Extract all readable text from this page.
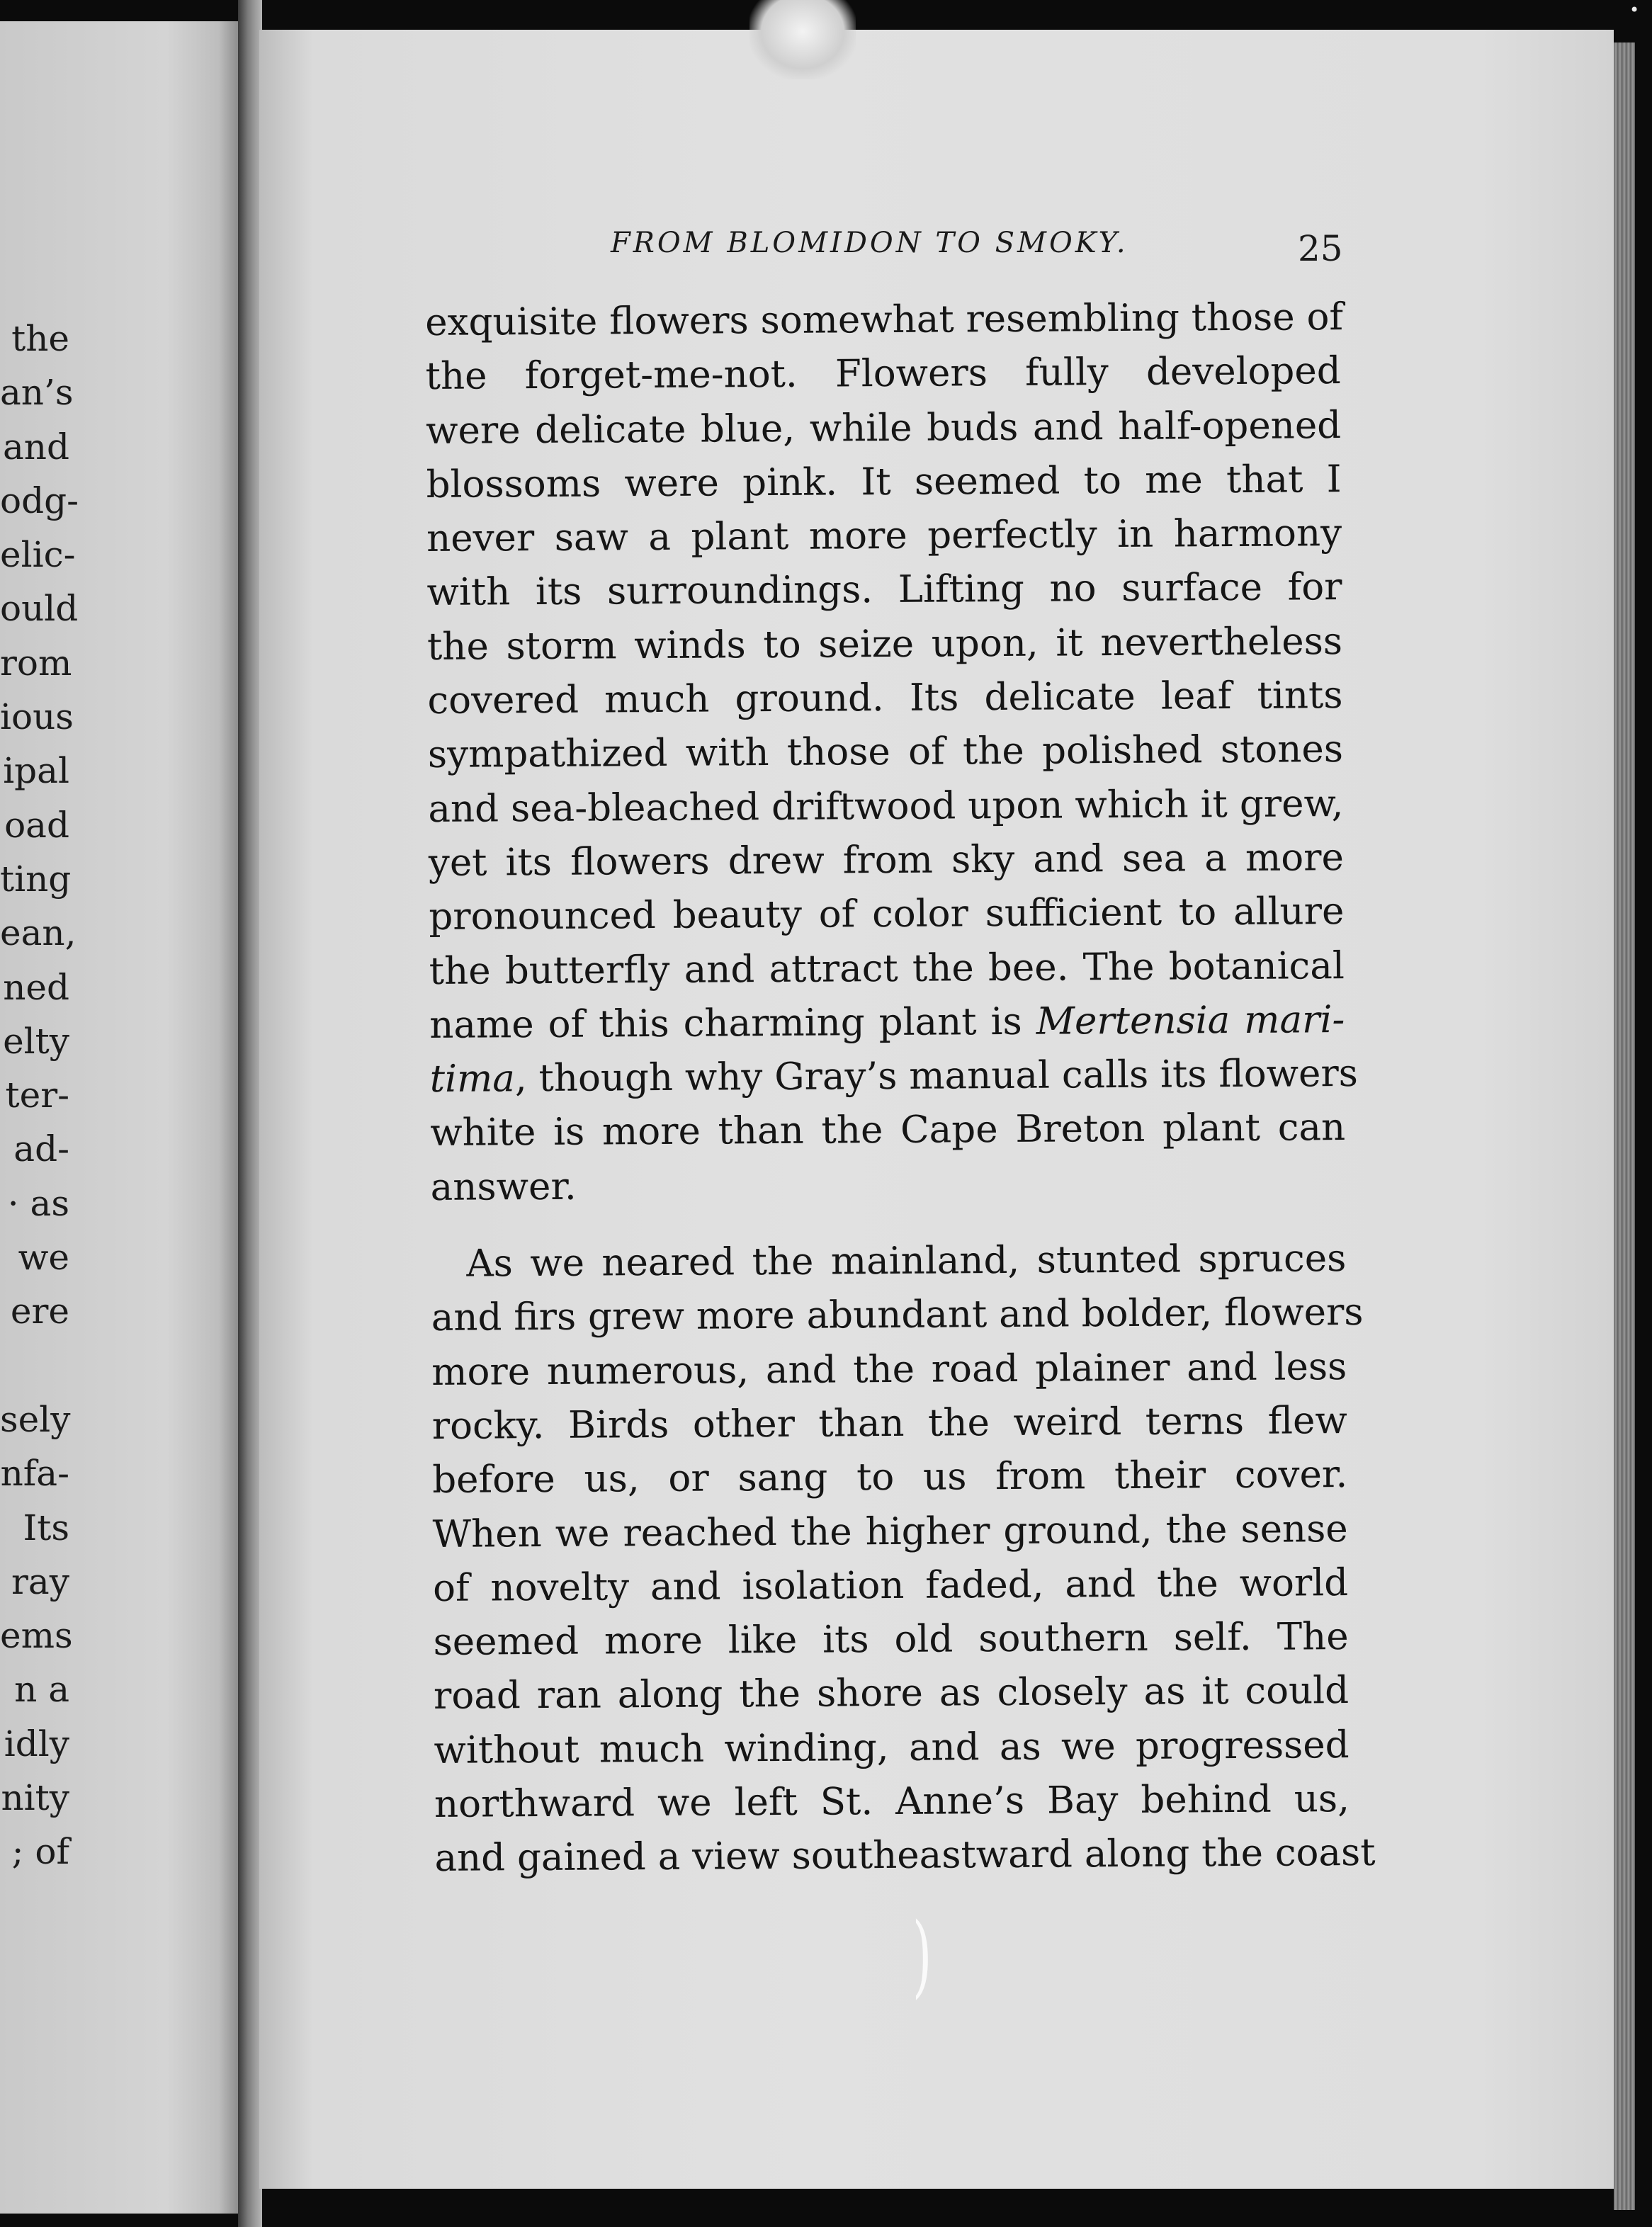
the
an’s
and
odg-
elic-
ould
rom
ious
ipal
oad
ting
ean,
ned
elty
ter-
ad-
· as
we
ere
sely
nfa-
Its
ray
ems
n a
idly
nity
; of
•
FROM BLOMIDON TO SMOKY.	25
exquisite flowers somewhat resembling those of
the forget-me-not. Flowers fully developed
were delicate blue, while buds and half-opened
blossoms were pink. It seemed to me that I
never saw a plant more perfectly in harmony
with its surroundings. Lifting no surface for
the storm winds to seize upon, it nevertheless
covered much ground. Its delicate leaf tints
sympathized with those of the polished stones
and sea-bleached driftwood upon which it grew,
yet its flowers drew from sky and sea a more
pronounced beauty of color sufficient to allure
the butterfly and attract the bee. The botanical
name of this charming plant is Mertensia mari-
tima, though why Gray’s manual calls its flowers
white is more than the Cape Breton plant can
answer.
As we neared the mainland, stunted spruces
and firs grew more abundant and bolder, flowers
more numerous, and the road plainer and less
rocky. Birds other than the weird terns flew
before us, or sang to us from their cover.
When we reached the higher ground, the sense
of novelty and isolation faded, and the world
seemed more like its old southern self. The
road ran along the shore as closely as it could
without much winding, and as we progressed
northward we left St. Anne’s Bay behind us,
and gained a view southeastward along the coast
)
